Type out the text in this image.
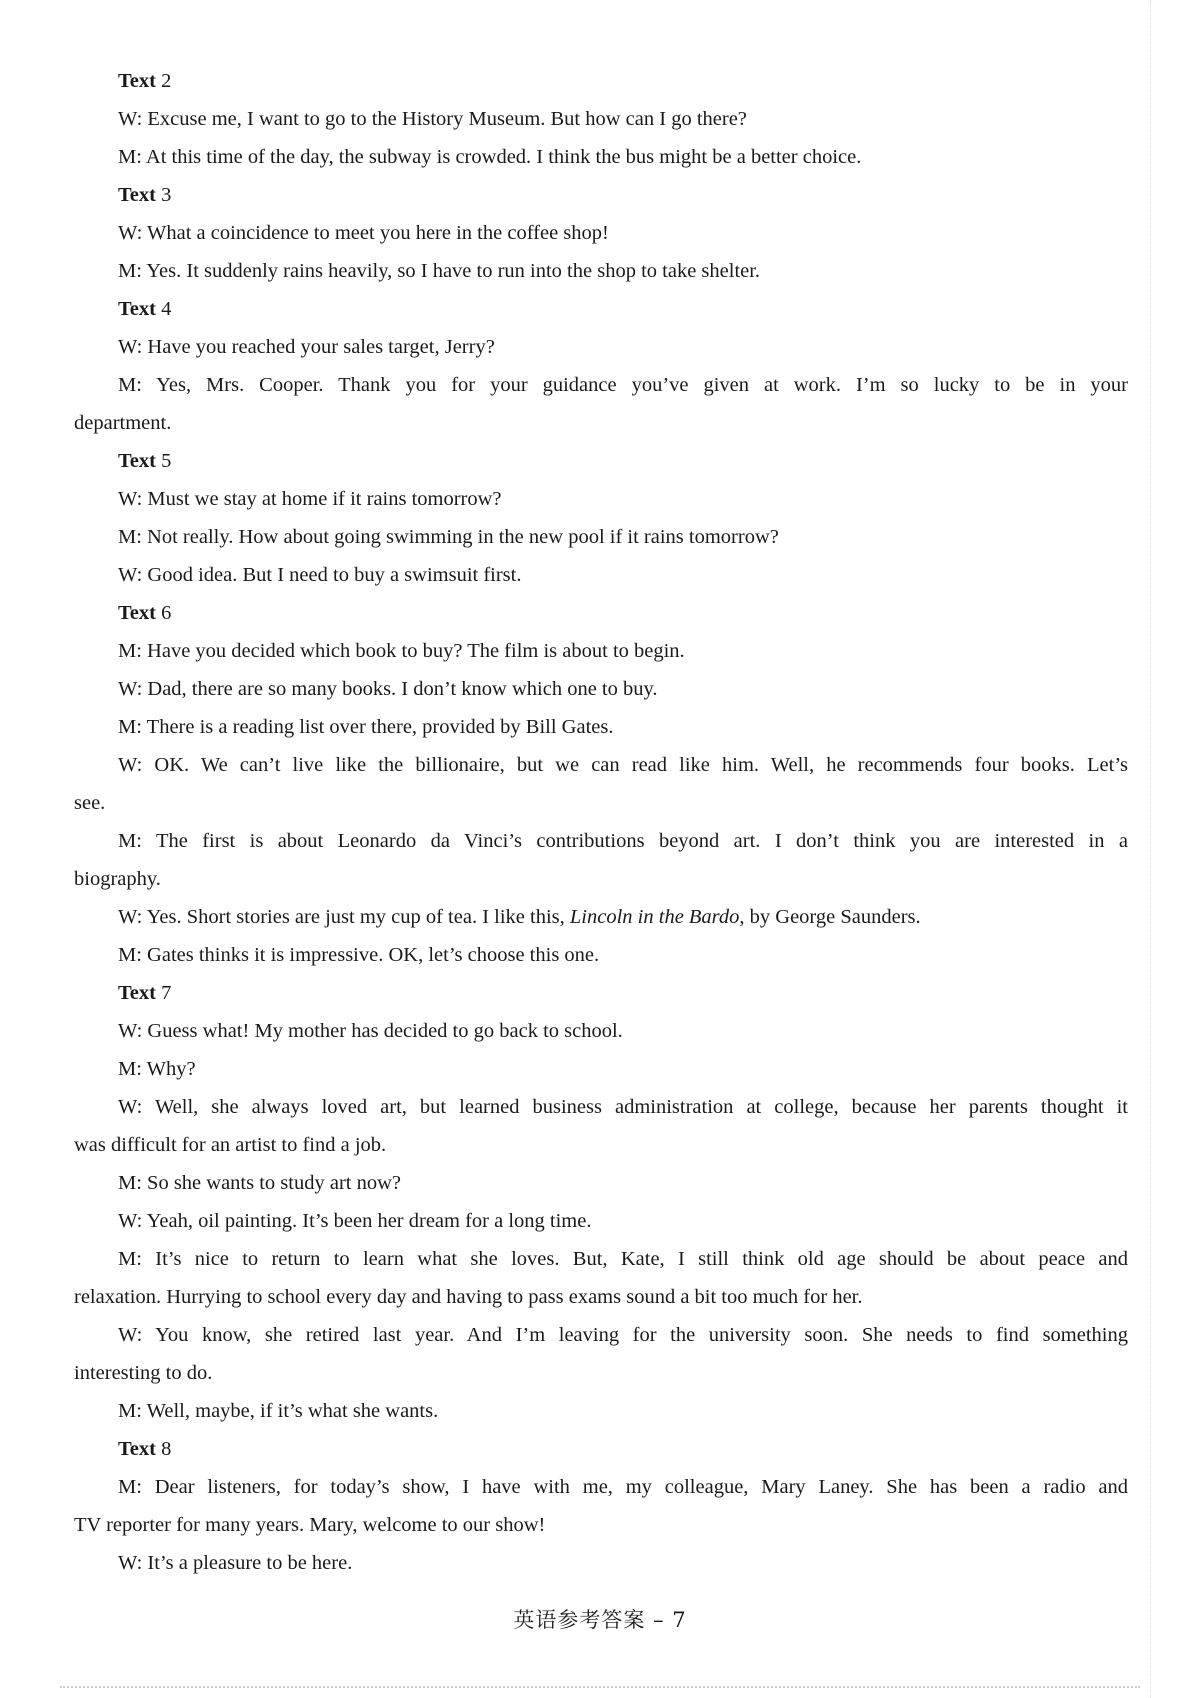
Text 2
W: Excuse me, I want to go to the History Museum. But how can I go there?
M: At this time of the day, the subway is crowded. I think the bus might be a better choice.
Text 3
W: What a coincidence to meet you here in the coffee shop!
M: Yes. It suddenly rains heavily, so I have to run into the shop to take shelter.
Text 4
W: Have you reached your sales target, Jerry?
M: Yes, Mrs. Cooper. Thank you for your guidance you’ve given at work. I’m so lucky to be in your
department.
Text 5
W: Must we stay at home if it rains tomorrow?
M: Not really. How about going swimming in the new pool if it rains tomorrow?
W: Good idea. But I need to buy a swimsuit first.
Text 6
M: Have you decided which book to buy? The film is about to begin.
W: Dad, there are so many books. I don’t know which one to buy.
M: There is a reading list over there, provided by Bill Gates.
W: OK. We can’t live like the billionaire, but we can read like him. Well, he recommends four books. Let’s
see.
M: The first is about Leonardo da Vinci’s contributions beyond art. I don’t think you are interested in a
biography.
W: Yes. Short stories are just my cup of tea. I like this, Lincoln in the Bardo, by George Saunders.
M: Gates thinks it is impressive. OK, let’s choose this one.
Text 7
W: Guess what! My mother has decided to go back to school.
M: Why?
W: Well, she always loved art, but learned business administration at college, because her parents thought it
was difficult for an artist to find a job.
M: So she wants to study art now?
W: Yeah, oil painting. It’s been her dream for a long time.
M: It’s nice to return to learn what she loves. But, Kate, I still think old age should be about peace and
relaxation. Hurrying to school every day and having to pass exams sound a bit too much for her.
W: You know, she retired last year. And I’m leaving for the university soon. She needs to find something
interesting to do.
M: Well, maybe, if it’s what she wants.
Text 8
M: Dear listeners, for today’s show, I have with me, my colleague, Mary Laney. She has been a radio and
TV reporter for many years. Mary, welcome to our show!
W: It’s a pleasure to be here.
英语参考答案 – 7
